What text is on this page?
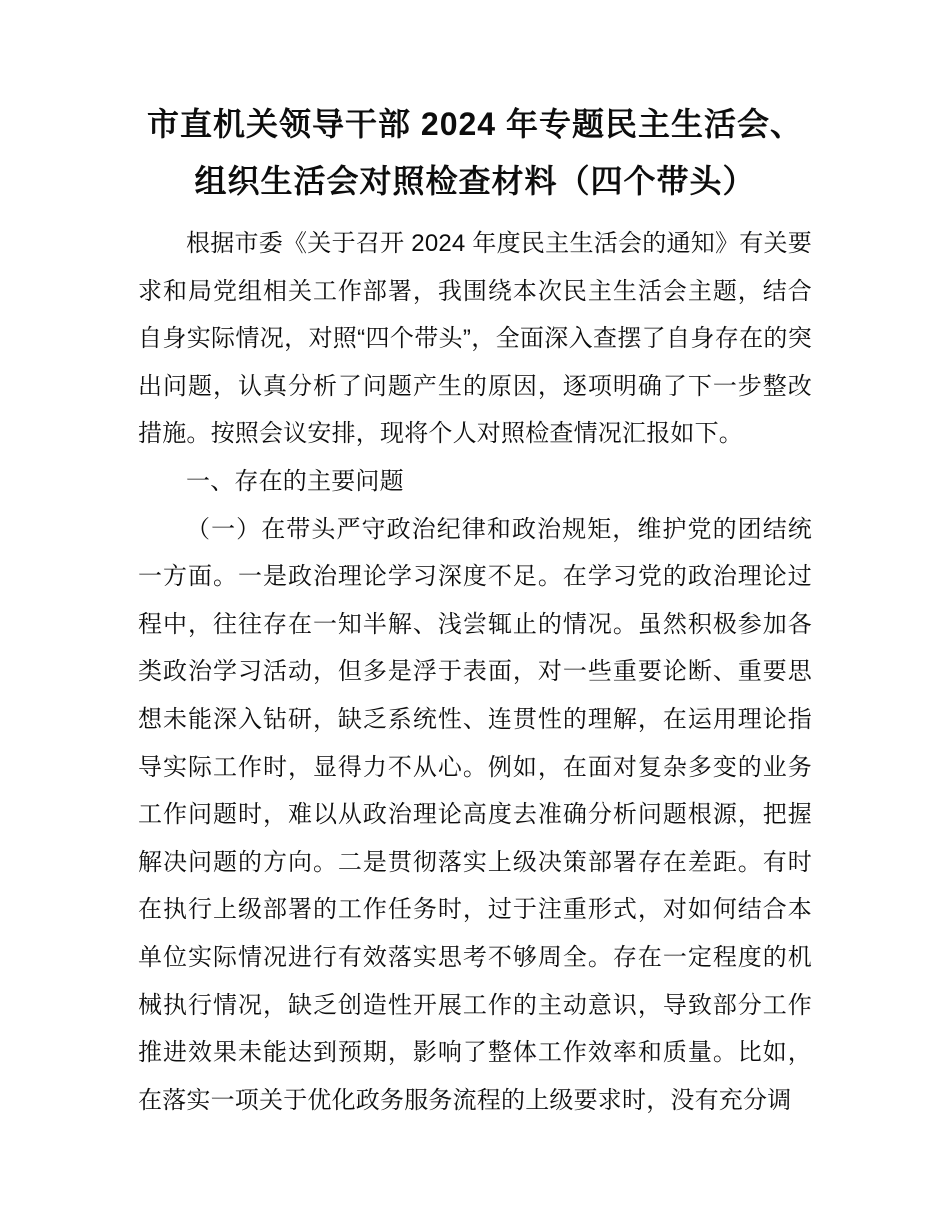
市直机关领导干部 2024 年专题民主生活会、
组织生活会对照检查材料（四个带头）

根据市委《关于召开 2024 年度民主生活会的通知》有关要求和局党组相关工作部署，我围绕本次民主生活会主题，结合自身实际情况，对照“四个带头”，全面深入查摆了自身存在的突出问题，认真分析了问题产生的原因，逐项明确了下一步整改措施。按照会议安排，现将个人对照检查情况汇报如下。

一、存在的主要问题

（一）在带头严守政治纪律和政治规矩，维护党的团结统一方面。一是政治理论学习深度不足。在学习党的政治理论过程中，往往存在一知半解、浅尝辄止的情况。虽然积极参加各类政治学习活动，但多是浮于表面，对一些重要论断、重要思想未能深入钻研，缺乏系统性、连贯性的理解，在运用理论指导实际工作时，显得力不从心。例如，在面对复杂多变的业务工作问题时，难以从政治理论高度去准确分析问题根源，把握解决问题的方向。二是贯彻落实上级决策部署存在差距。有时在执行上级部署的工作任务时，过于注重形式，对如何结合本单位实际情况进行有效落实思考不够周全。存在一定程度的机械执行情况，缺乏创造性开展工作的主动意识，导致部分工作推进效果未能达到预期，影响了整体工作效率和质量。比如，在落实一项关于优化政务服务流程的上级要求时，没有充分调
